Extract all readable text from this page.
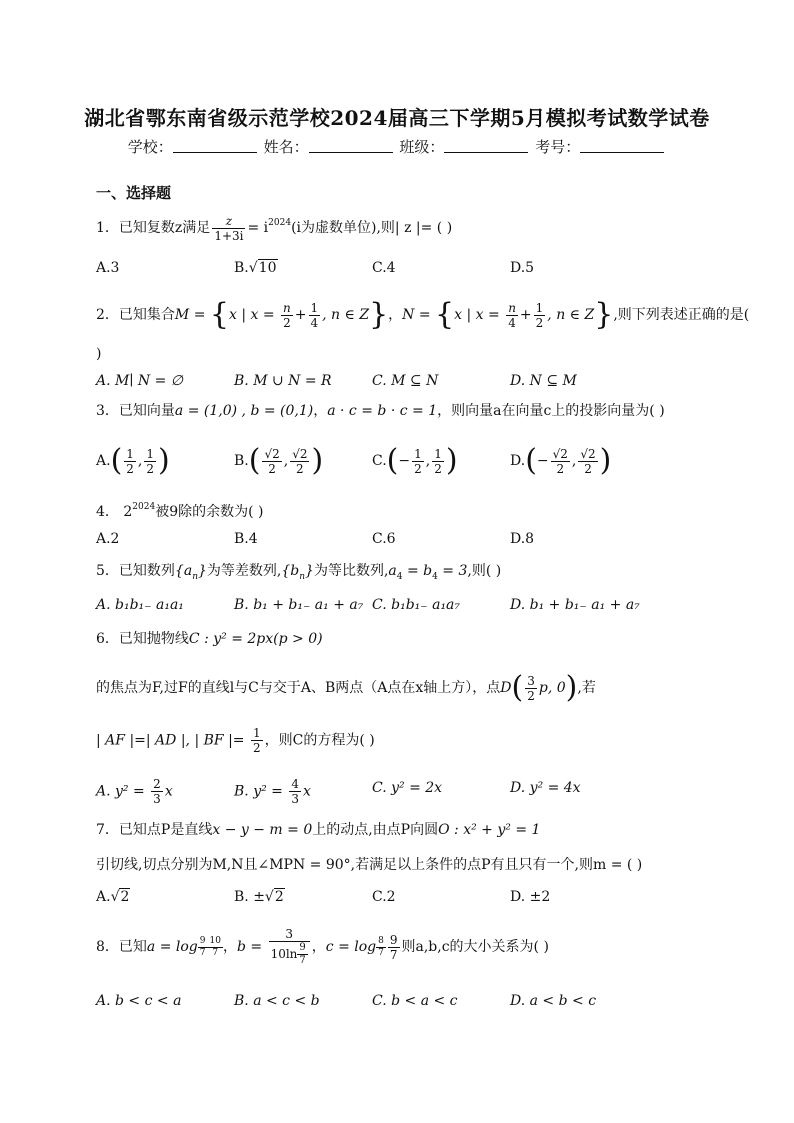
湖北省鄂东南省级示范学校2024届高三下学期5月模拟考试数学试卷
学校：	姓名：	班级：	考号：
一、选择题
1．已知复数z满足 $\frac{z}{1+3i} = i^{2024}(i$为虚数单位),则| z |= ( )
A.3	B.√10	C.4	D.5
2．已知集合M = {x | $x = \frac{n}{2} + \frac{1}{4}$ , n ∈ Z}，N = {x | $x = \frac{n}{4} + \frac{1}{2}$ , n ∈ Z},则下列表述正确的是(
)
A. M∣ N = ∅	B. M ∪ N = R	C. M ⊆ N	D. N ⊆ M
3．已知向量a = (1,0) , b = (0,1)，a · c = b · c = 1，则向量a在向量c上的投影向量为( )
$A.( \frac{1}{2}$ , $\frac{1}{2}$ )	$B.( \frac{√2}{2}$ , $\frac{√2}{2}$ )	$C.(- \frac{1}{2}$ , $\frac{1}{2}$ )	$D.(- \frac{√2}{2}$ , $\frac{√2}{2}$ )
4． $2^{2024}$被9除的余数为( )
A.2	B.4	C.6	D.8
5．已知数列$\{a_n\}$为等差数列$,\{b_n\}$为等比数列$,a_4 = b_4 = 3$,则( )
A. b₁b₁₋ a₁a₁	B. b₁ + b₁₋ a₁ + a₇ C. b₁b₁₋ a₁a₇	D. b₁ + b₁₋ a₁ + a₇
6．已知抛物线C : y² = 2px(p > 0)
的焦点为F,过F的直线l与C与交于A、B两点（A点在x轴上方），点$D( \frac{3}{2} p$, 0),若
| AF |=| AD |, | BF |= $\frac{1}{2}$ ，则C的方程为( )
A. $y^2 = \frac{2}{3}$ x	B. $y^2 = \frac{4}{3}$ x	C. y² = 2x	D. y² = 4x
7．已知点P是直线x − y − m = 0上的动点,由点P向圆O : x² + y² = 1
引切线,切点分别为M,N且∠MPN = 90°,若满足以上条件的点P有且只有一个,则m = ( )
A.√2	B. ±√2	C.2	D. ±2
8．已知$a = \log \frac{9}{7} \frac{10}{7}$ ，$b = \frac{3}{10\ln \frac{9}{7}}$ ，$c = \log \frac{8}{7} \frac{9}{7}$ 则a,b,c的大小关系为( )
A. b < c < a	B. a < c < b	C. b < a < c	D. a < b < c
